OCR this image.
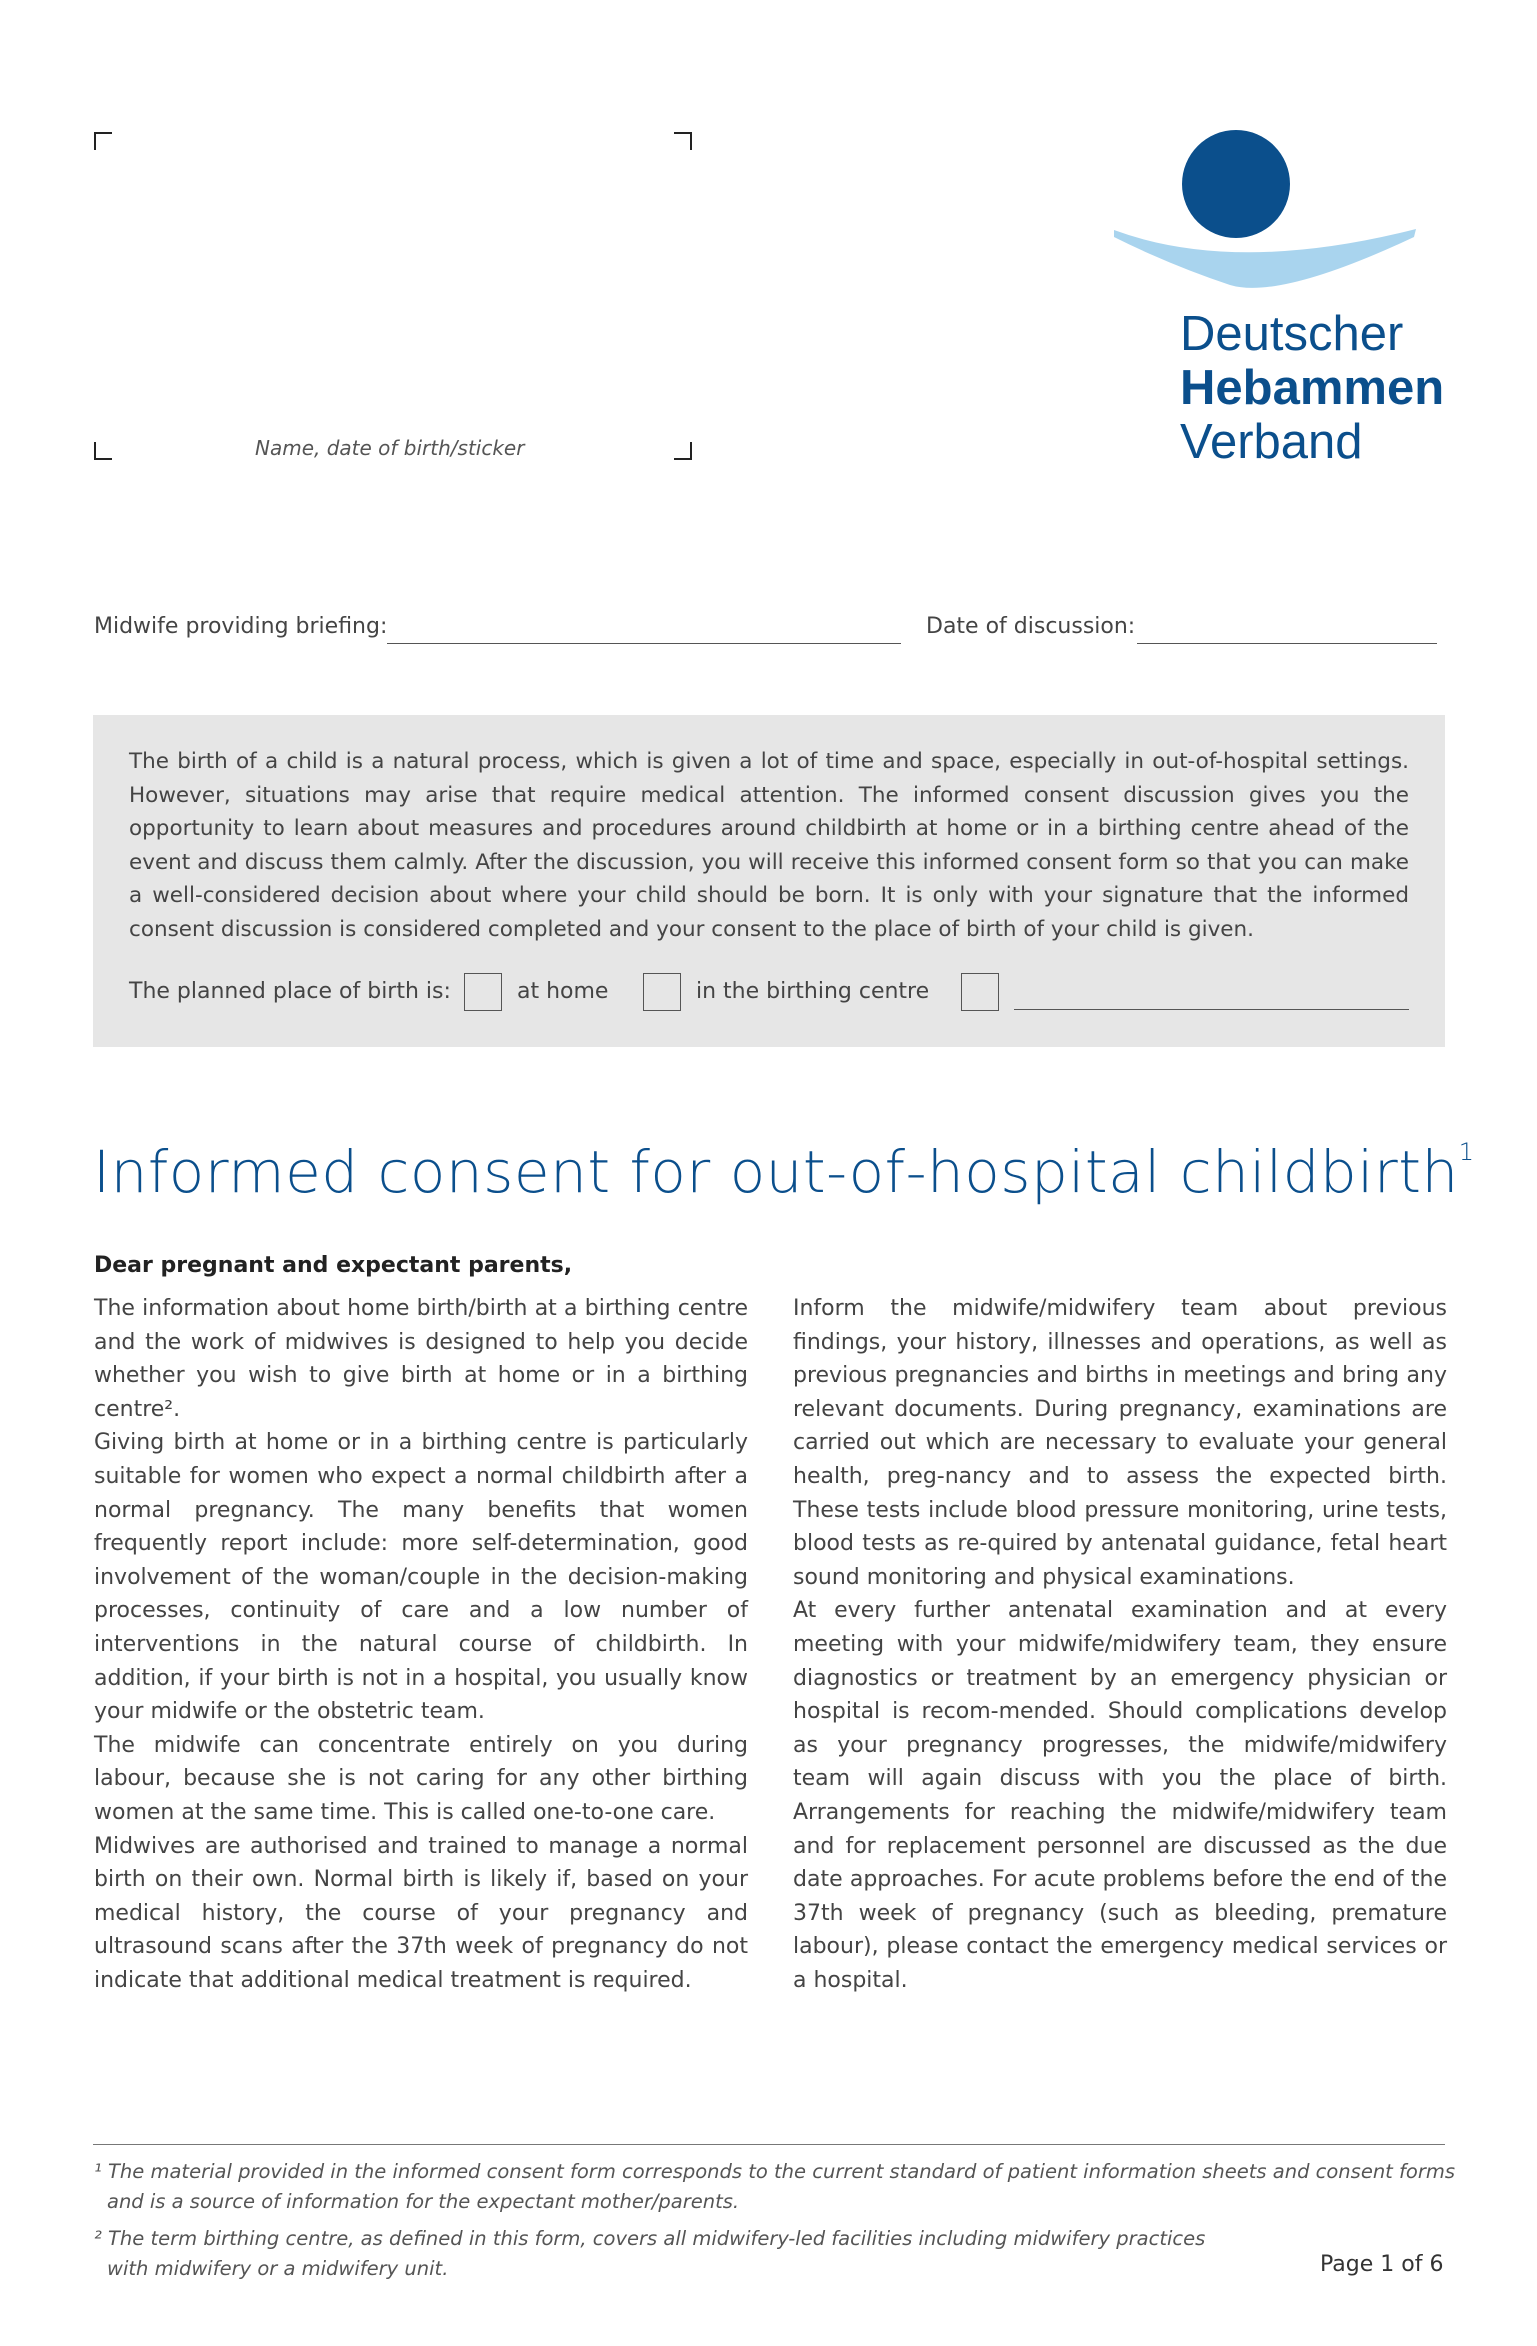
Name, date of birth/sticker
Deutscher
Hebammen
Verband
Midwife providing briefing:	Date of discussion:
The birth of a child is a natural process, which is given a lot of time and space, especially in out-of-hospital settings. However, situations may arise that require medical attention. The informed consent discussion gives you the opportunity to learn about measures and procedures around childbirth at home or in a birthing centre ahead of the event and discuss them calmly. After the discussion, you will receive this informed consent form so that you can make a well-considered decision about where your child should be born. It is only with your signature that the informed consent discussion is considered completed and your consent to the place of birth of your child is given.
The planned place of birth is:	at home	in the birthing centre
Informed consent for out-of-hospital childbirth$^1$
Dear pregnant and expectant parents,

The information about home birth/birth at a birthing centre and the work of midwives is designed to help you decide whether you wish to give birth at home or in a birthing centre².

Giving birth at home or in a birthing centre is particularly suitable for women who expect a normal childbirth after a normal pregnancy. The many benefits that women frequently report include: more self-determination, good involvement of the woman/couple in the decision-making processes, continuity of care and a low number of interventions in the natural course of childbirth. In addition, if your birth is not in a hospital, you usually know your midwife or the obstetric team.

The midwife can concentrate entirely on you during labour, because she is not caring for any other birthing women at the same time. This is called one-to-one care.

Midwives are authorised and trained to manage a normal birth on their own. Normal birth is likely if, based on your medical history, the course of your pregnancy and ultrasound scans after the 37th week of pregnancy do not indicate that additional medical treatment is required.

Inform the midwife/midwifery team about previous findings, your history, illnesses and operations, as well as previous pregnancies and births in meetings and bring any relevant documents. During pregnancy, examinations are carried out which are necessary to evaluate your general health, preg-nancy and to assess the expected birth. These tests include blood pressure monitoring, urine tests, blood tests as re-quired by antenatal guidance, fetal heart sound monitoring and physical examinations.

At every further antenatal examination and at every meeting with your midwife/midwifery team, they ensure diagnostics or treatment by an emergency physician or hospital is recom-mended. Should complications develop as your pregnancy progresses, the midwife/midwifery team will again discuss with you the place of birth. Arrangements for reaching the midwife/midwifery team and for replacement personnel are discussed as the due date approaches. For acute problems before the end of the 37th week of pregnancy (such as bleeding, premature labour), please contact the emergency medical services or a hospital.

¹ The material provided in the informed consent form corresponds to the current standard of patient information sheets and consent forms
and is a source of information for the expectant mother/parents.
² The term birthing centre, as defined in this form, covers all midwifery-led facilities including midwifery practices
with midwifery or a midwifery unit.	Page 1 of 6
